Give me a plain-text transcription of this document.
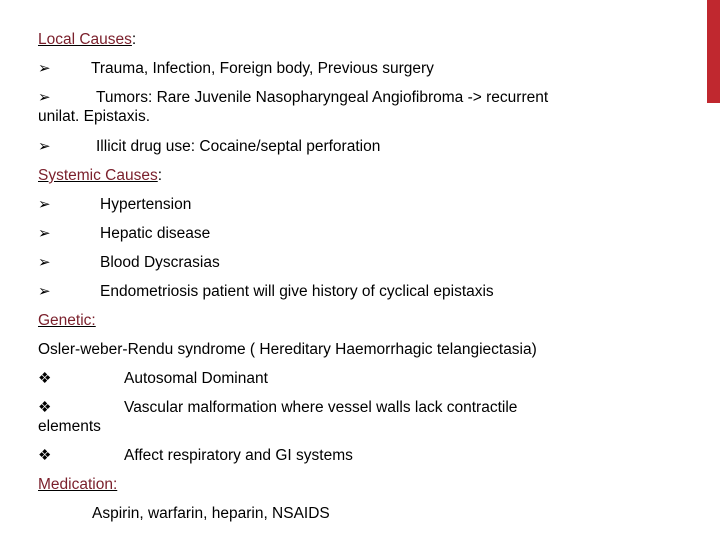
Local Causes:
➢
Trauma, Infection, Foreign body, Previous surgery
➢
Tumors: Rare Juvenile Nasopharyngeal Angiofibroma -> recurrent
unilat. Epistaxis.
➢
Illicit drug use: Cocaine/septal perforation
Systemic Causes:
➢
Hypertension
➢
Hepatic disease
➢
Blood Dyscrasias
➢
Endometriosis patient will give history of cyclical epistaxis
Genetic:
Osler-weber-Rendu syndrome ( Hereditary Haemorrhagic telangiectasia)
❖
Autosomal Dominant
❖
Vascular malformation where vessel walls lack contractile
elements
❖
Affect respiratory and GI systems
Medication:
Aspirin, warfarin, heparin, NSAIDS
